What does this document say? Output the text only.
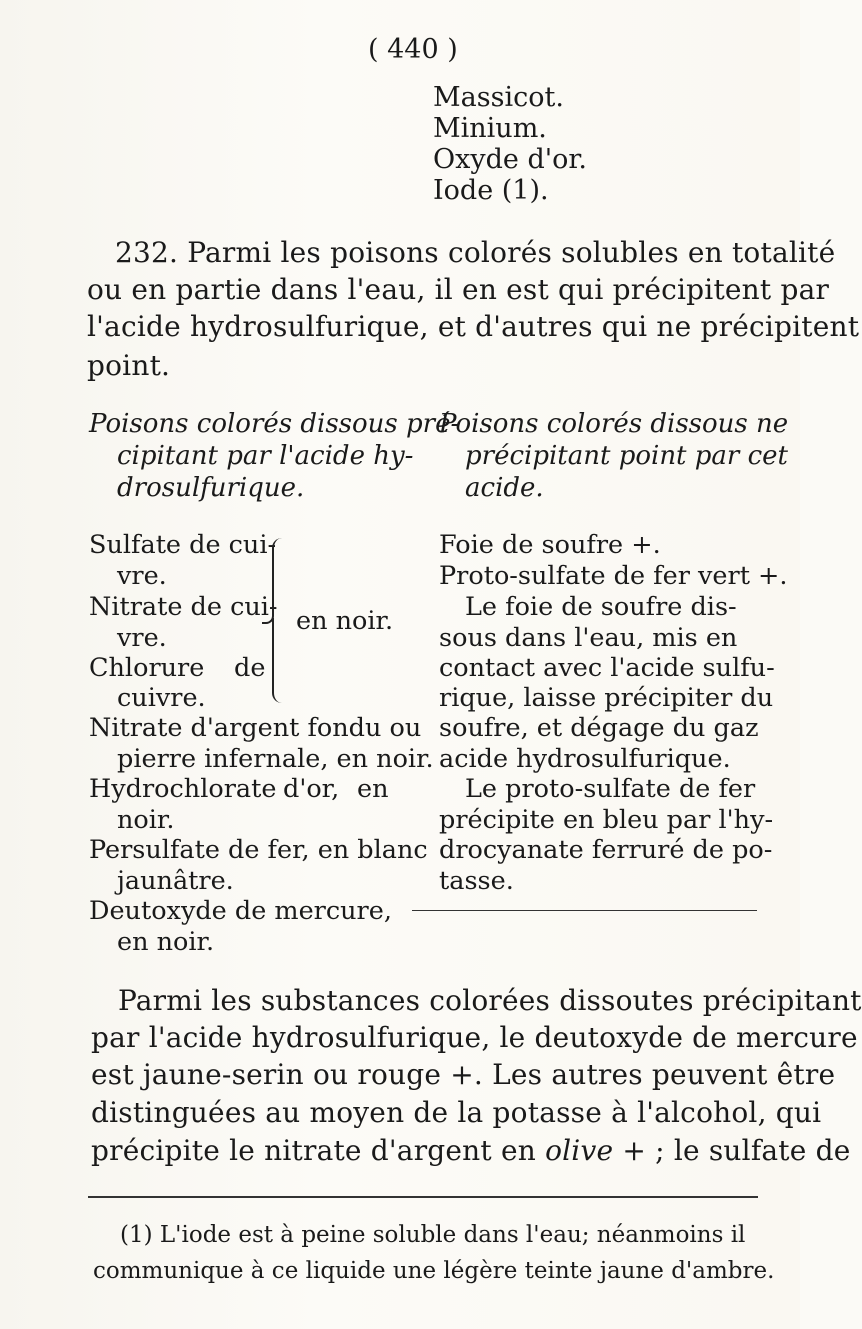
( 440 )
Massicot.
Minium.
Oxyde d'or.
Iode (1).
232. Parmi les poisons colorés solubles en totalité
ou en partie dans l'eau, il en est qui précipitent par
l'acide hydrosulfurique, et d'autres qui ne précipitent
point.
Poisons colorés dissous pré-
cipitant par l'acide hy-
drosulfurique.
Poisons colorés dissous ne
précipitant point par cet
acide.
Sulfate de cui-
vre.
Nitrate de cui-
vre.
Chlorure de
cuivre.
en noir.
Nitrate d'argent fondu ou
pierre infernale, en noir.
Hydrochlorate d'or, en
noir.
Persulfate de fer, en blanc
jaunâtre.
Deutoxyde de mercure,
en noir.
Foie de soufre +.
Proto-sulfate de fer vert +.
Le foie de soufre dis-
sous dans l'eau, mis en
contact avec l'acide sulfu-
rique, laisse précipiter du
soufre, et dégage du gaz
acide hydrosulfurique.
Le proto-sulfate de fer
précipite en bleu par l'hy-
drocyanate ferruré de po-
tasse.
Parmi les substances colorées dissoutes précipitant
par l'acide hydrosulfurique, le deutoxyde de mercure
est jaune-serin ou rouge +. Les autres peuvent être
distinguées au moyen de la potasse à l'alcohol, qui
précipite le nitrate d'argent en olive + ; le sulfate de
(1) L'iode est à peine soluble dans l'eau; néanmoins il
communique à ce liquide une légère teinte jaune d'ambre.
